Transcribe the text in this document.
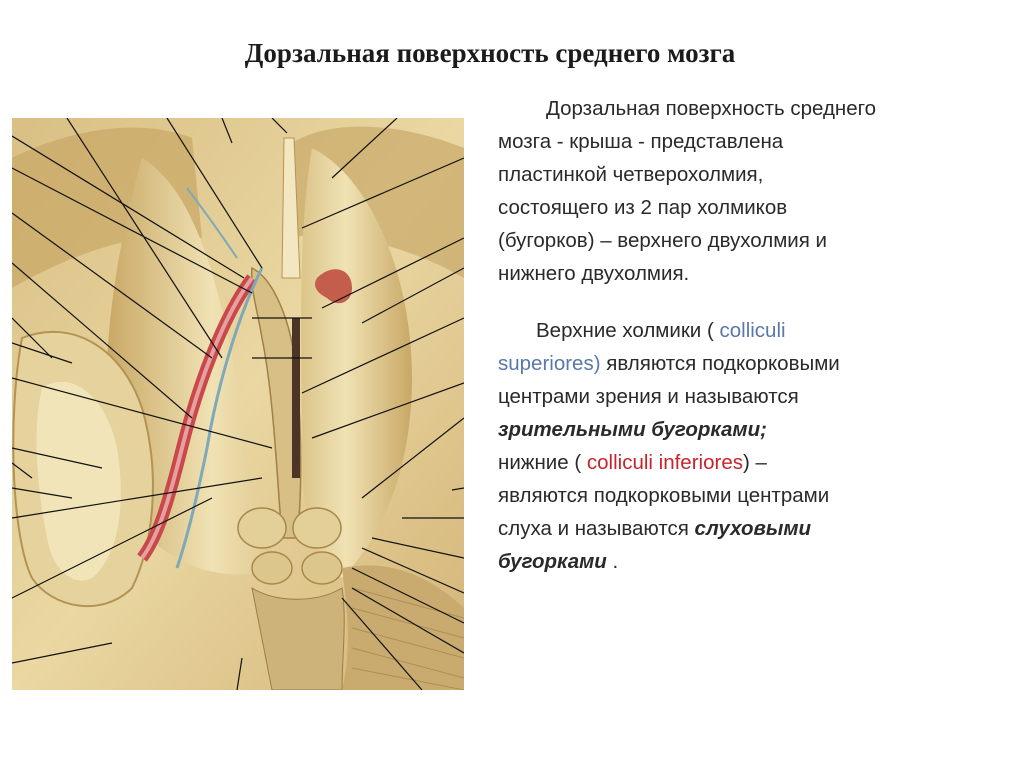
Дорзальная поверхность среднего мозга

Дорзальная поверхность среднего
мозга - крыша - представлена
пластинкой четверохолмия,
состоящего из 2 пар холмиков
(бугорков) – верхнего двухолмия и
нижнего двухолмия.

Верхние холмики ( colliculi
superiores) являются подкорковыми
центрами зрения и называются
зрительными бугорками;
нижние ( colliculi inferiores) –
являются подкорковыми центрами
слуха и называются слуховыми
бугорками .
